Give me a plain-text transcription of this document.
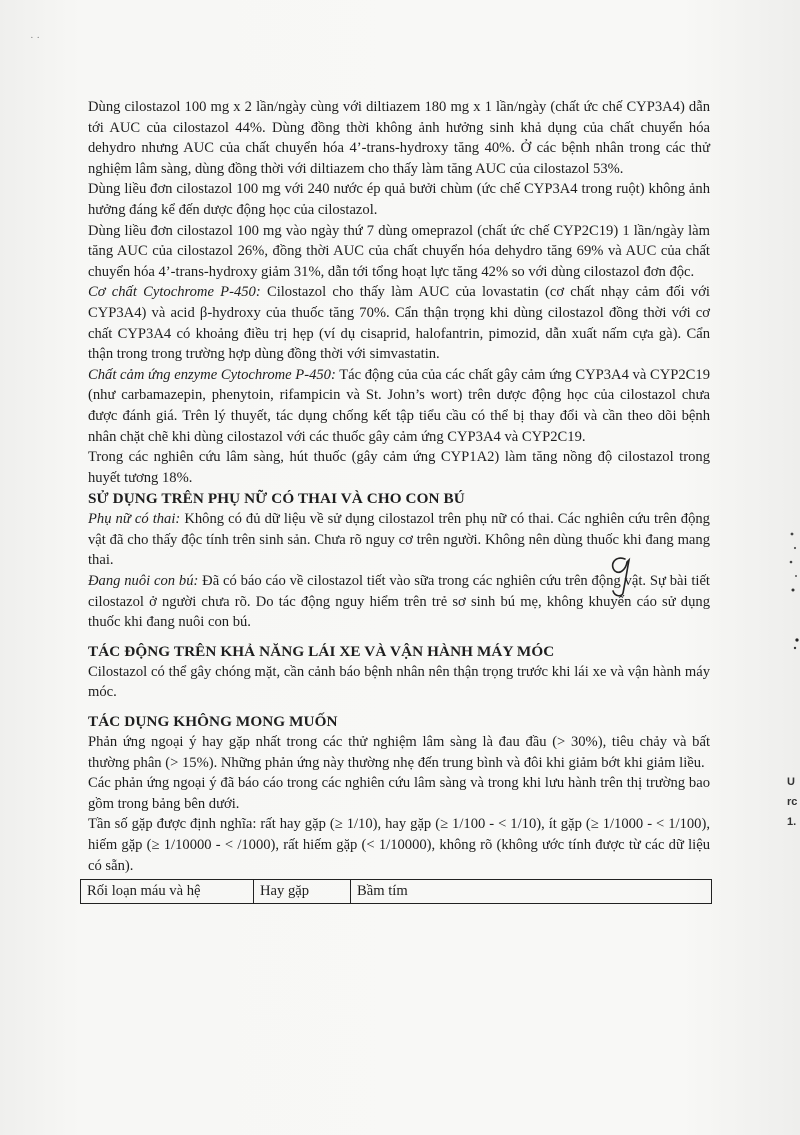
· ·

Dùng cilostazol 100 mg x 2 lần/ngày cùng với diltiazem 180 mg x 1 lần/ngày (chất ức chế CYP3A4) dẫn tới AUC của cilostazol 44%. Dùng đồng thời không ảnh hưởng sinh khả dụng của chất chuyển hóa dehydro nhưng AUC của chất chuyển hóa 4’-trans-hydroxy tăng 40%. Ở các bệnh nhân trong các thử nghiệm lâm sàng, dùng đồng thời với diltiazem cho thấy làm tăng AUC của cilostazol 53%.

Dùng liều đơn cilostazol 100 mg với 240 nước ép quả bưởi chùm (ức chế CYP3A4 trong ruột) không ảnh hưởng đáng kể đến dược động học của cilostazol.

Dùng liều đơn cilostazol 100 mg vào ngày thứ 7 dùng omeprazol (chất ức chế CYP2C19) 1 lần/ngày làm tăng AUC của cilostazol 26%, đồng thời AUC của chất chuyển hóa dehydro tăng 69% và AUC của chất chuyển hóa 4’-trans-hydroxy giảm 31%, dẫn tới tổng hoạt lực tăng 42% so với dùng cilostazol đơn độc.

Cơ chất Cytochrome P-450: Cilostazol cho thấy làm AUC của lovastatin (cơ chất nhạy cảm đối với CYP3A4) và acid β-hydroxy của thuốc tăng 70%. Cẩn thận trọng khi dùng cilostazol đồng thời với cơ chất CYP3A4 có khoảng điều trị hẹp (ví dụ cisaprid, halofantrin, pimozid, dẫn xuất nấm cựa gà). Cẩn thận trong trong trường hợp dùng đồng thời với simvastatin.

Chất cảm ứng enzyme Cytochrome P-450: Tác động của của các chất gây cảm ứng CYP3A4 và CYP2C19 (như carbamazepin, phenytoin, rifampicin và St. John’s wort) trên dược động học của cilostazol chưa được đánh giá. Trên lý thuyết, tác dụng chống kết tập tiểu cầu có thể bị thay đổi và cần theo dõi bệnh nhân chặt chẽ khi dùng cilostazol với các thuốc gây cảm ứng CYP3A4 và CYP2C19.

Trong các nghiên cứu lâm sàng, hút thuốc (gây cảm ứng CYP1A2) làm tăng nồng độ cilostazol trong huyết tương 18%.

SỬ DỤNG TRÊN PHỤ NỮ CÓ THAI VÀ CHO CON BÚ

Phụ nữ có thai: Không có đủ dữ liệu về sử dụng cilostazol trên phụ nữ có thai. Các nghiên cứu trên động vật đã cho thấy độc tính trên sinh sản. Chưa rõ nguy cơ trên người. Không nên dùng thuốc khi đang mang thai.

Đang nuôi con bú: Đã có báo cáo về cilostazol tiết vào sữa trong các nghiên cứu trên động vật. Sự bài tiết cilostazol ở người chưa rõ. Do tác động nguy hiểm trên trẻ sơ sinh bú mẹ, không khuyến cáo sử dụng thuốc khi đang nuôi con bú.

TÁC ĐỘNG TRÊN KHẢ NĂNG LÁI XE VÀ VẬN HÀNH MÁY MÓC

Cilostazol có thể gây chóng mặt, cần cảnh báo bệnh nhân nên thận trọng trước khi lái xe và vận hành máy móc.

TÁC DỤNG KHÔNG MONG MUỐN

Phản ứng ngoại ý hay gặp nhất trong các thử nghiệm lâm sàng là đau đầu (> 30%), tiêu chảy và bất thường phân (> 15%). Những phản ứng này thường nhẹ đến trung bình và đôi khi giảm bớt khi giảm liều.

Các phản ứng ngoại ý đã báo cáo trong các nghiên cứu lâm sàng và trong khi lưu hành trên thị trường bao gồm trong bảng bên dưới.

Tần số gặp được định nghĩa: rất hay gặp (≥ 1/10), hay gặp (≥ 1/100 - < 1/10), ít gặp (≥ 1/1000 - < 1/100), hiếm gặp (≥ 1/10000 - < /1000), rất hiếm gặp (< 1/10000), không rõ (không ước tính được từ các dữ liệu có sẵn).

Rối loạn máu và hệ	Hay gặp	Bầm tím
U
rc
1.
